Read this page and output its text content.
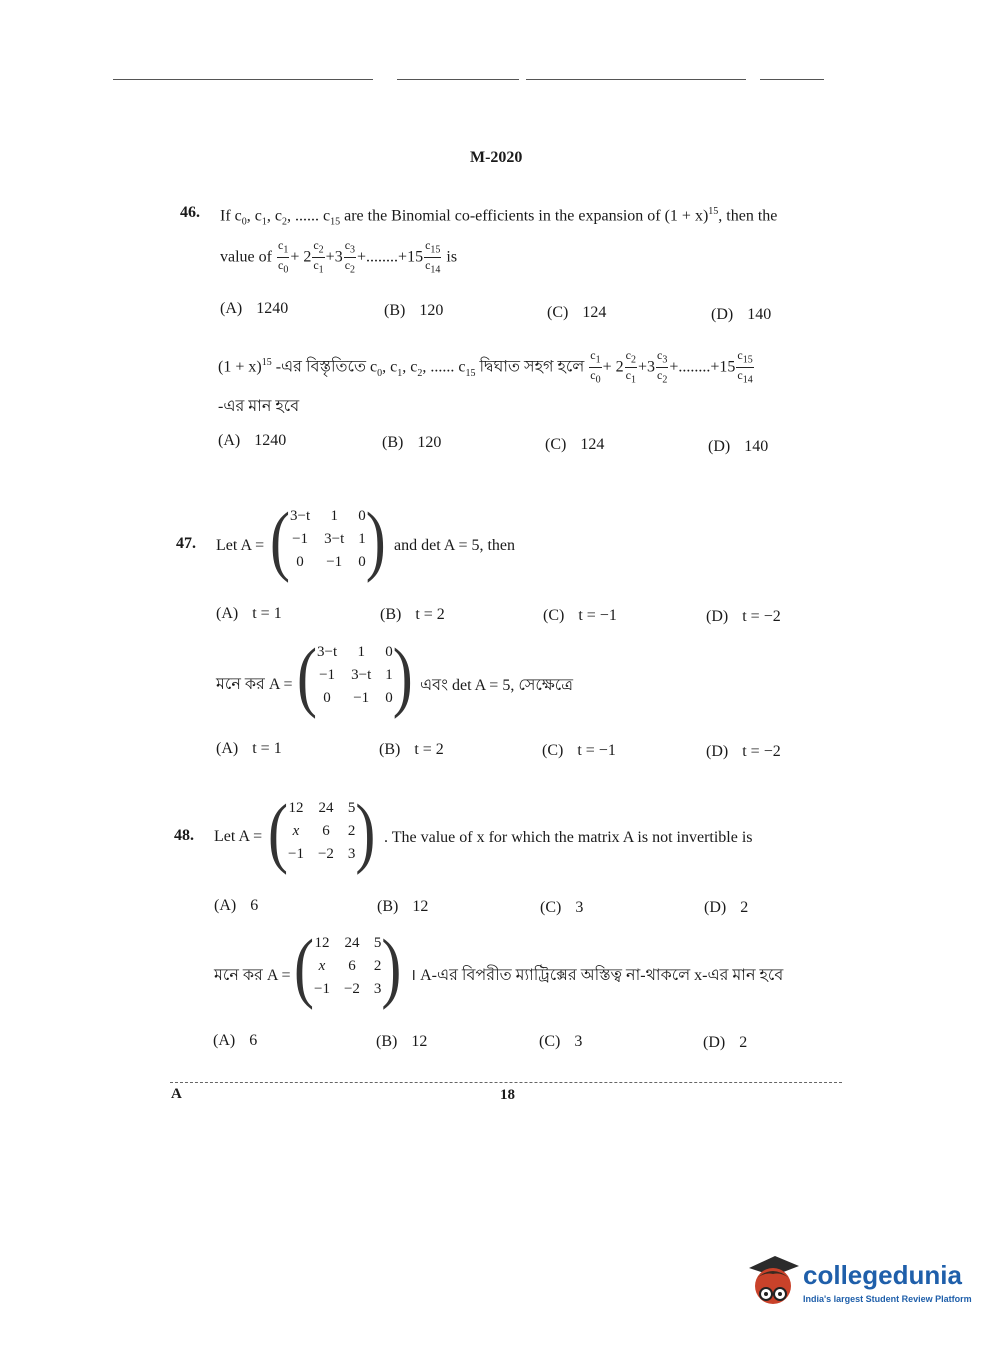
M-2020
46. If $c_0$, $c_1$, $c_2$, ...... $c_{15}$ are the Binomial co-efficients in the expansion of $(1 + x)^{15}$, then the
value of $\frac{c_1}{c_0} + 2 \frac{c_2}{c_1} +3 \frac{c_3}{c_2} +........+15 \frac{c_{15}}{c_{14}}$ is
(A) 1240	(B) 120	(C) 124	(D) 140
$(1 + x)^{15}$ -এর বিস্তৃতিতে $c_0$, $c_1$, $c_2$, ...... $c_{15}$ দ্বিঘাত সহগ হলে $\frac{c_1}{c_0} + 2 \frac{c_2}{c_1} +3 \frac{c_3}{c_2} +........+15 \frac{c_{15}}{c_{14}}$
-এর মান হবে
(A) 1240	(B) 120	(C) 124	(D) 140
47. Let A = ( 3−t	1	0
−1 3−t 1
0	−1 0 ) and det A = 5, then
(A) t = 1	(B) t = 2	(C) t = −1	(D) t = −2
মনে কর A = ( 3−t	1	0
−1 3−t 1
0	−1 0 ) এবং det A = 5, সেক্ষেত্রে
(A) t = 1	(B) t = 2	(C) t = −1	(D) t = −2
48. Let A = ( 12 24 5
x	6 2
−1 −2 3 ) . The value of x for which the matrix A is not invertible is
(A) 6	(B) 12	(C) 3	(D) 2
মনে কর A = ( 12 24 5
x	6 2
−1 −2 3 ) । A-এর বিপরীত ম্যাট্রিক্সের অস্তিত্ব না-থাকলে x-এর মান হবে
(A) 6	(B) 12	(C) 3	(D) 2
A	18
collegedunia
India's largest Student Review Platform
